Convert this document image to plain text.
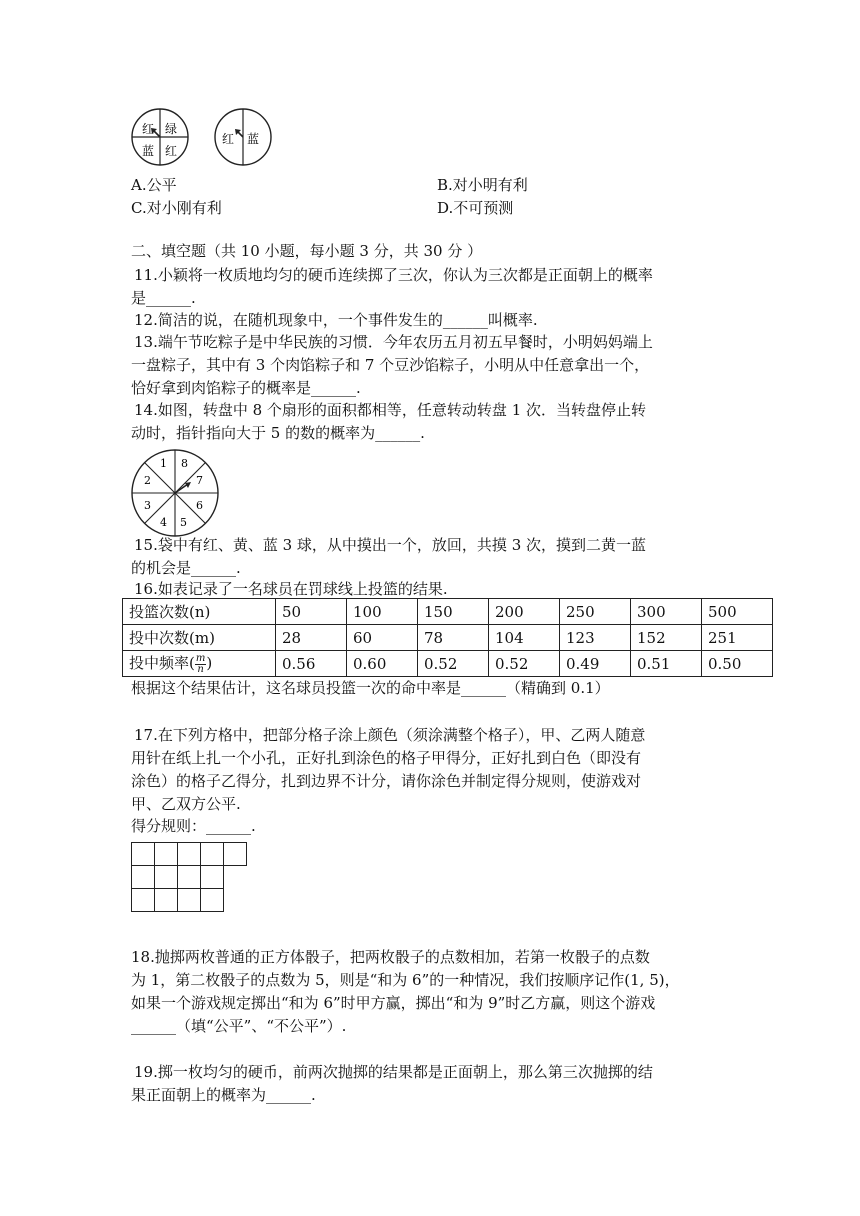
红 绿
蓝 红
红 蓝
A.公平	B.对小明有利
C.对小刚有利	D.不可预测
二、填空题（共 10 小题，每小题 3 分，共 30 分 ）
11.小颖将一枚质地均匀的硬币连续掷了三次，你认为三次都是正面朝上的概率
是______.
12.简洁的说，在随机现象中，一个事件发生的______叫概率.
13.端午节吃粽子是中华民族的习惯．今年农历五月初五早餐时，小明妈妈端上
一盘粽子，其中有 3 个肉馅粽子和 7 个豆沙馅粽子，小明从中任意拿出一个，
恰好拿到肉馅粽子的概率是______.
14.如图，转盘中 8 个扇形的面积都相等，任意转动转盘 1 次．当转盘停止转
动时，指针指向大于 5 的数的概率为______.
1
2
3
4 5
6
7
8
15.袋中有红、黄、蓝 3 球，从中摸出一个，放回，共摸 3 次，摸到二黄一蓝
的机会是______.
16.如表记录了一名球员在罚球线上投篮的结果.
投篮次数(n)	50	100	150	200	250	300	500
投中次数(m)	28	60	78	104	123	152	251
投中频率( $\frac{m}{n}$ )	0.56	0.60	0.52	0.52	0.49	0.51	0.50
根据这个结果估计，这名球员投篮一次的命中率是______（精确到 0.1）
17.在下列方格中，把部分格子涂上颜色（须涂满整个格子），甲、乙两人随意
用针在纸上扎一个小孔，正好扎到涂色的格子甲得分，正好扎到白色（即没有
涂色）的格子乙得分，扎到边界不计分，请你涂色并制定得分规则，使游戏对
甲、乙双方公平.
得分规则：______.
18.抛掷两枚普通的正方体骰子，把两枚骰子的点数相加，若第一枚骰子的点数
为 1，第二枚骰子的点数为 5，则是“和为 6”的一种情况，我们按顺序记作(1, 5)，
如果一个游戏规定掷出“和为 6”时甲方赢，掷出“和为 9”时乙方赢，则这个游戏
______（填“公平”、“不公平”）.
19.掷一枚均匀的硬币，前两次抛掷的结果都是正面朝上，那么第三次抛掷的结
果正面朝上的概率为______.
